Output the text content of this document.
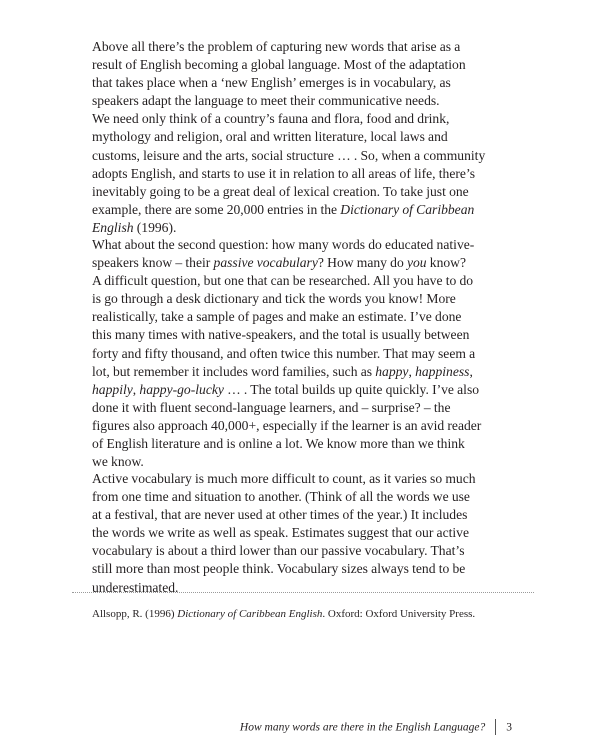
Above all there’s the problem of capturing new words that arise as a
result of English becoming a global language. Most of the adaptation
that takes place when a ‘new English’ emerges is in vocabulary, as
speakers adapt the language to meet their communicative needs.
We need only think of a country’s fauna and flora, food and drink,
mythology and religion, oral and written literature, local laws and
customs, leisure and the arts, social structure … . So, when a community
adopts English, and starts to use it in relation to all areas of life, there’s
inevitably going to be a great deal of lexical creation. To take just one
example, there are some 20,000 entries in the Dictionary of Caribbean
English (1996).

What about the second question: how many words do educated native-
speakers know – their passive vocabulary? How many do you know?
A difficult question, but one that can be researched. All you have to do
is go through a desk dictionary and tick the words you know! More
realistically, take a sample of pages and make an estimate. I’ve done
this many times with native-speakers, and the total is usually between
forty and fifty thousand, and often twice this number. That may seem a
lot, but remember it includes word families, such as happy, happiness,
happily, happy-go-lucky … . The total builds up quite quickly. I’ve also
done it with fluent second-language learners, and – surprise? – the
figures also approach 40,000+, especially if the learner is an avid reader
of English literature and is online a lot. We know more than we think
we know.

Active vocabulary is much more difficult to count, as it varies so much
from one time and situation to another. (Think of all the words we use
at a festival, that are never used at other times of the year.) It includes
the words we write as well as speak. Estimates suggest that our active
vocabulary is about a third lower than our passive vocabulary. That’s
still more than most people think. Vocabulary sizes always tend to be
underestimated.

Allsopp, R. (1996) Dictionary of Caribbean English. Oxford: Oxford University Press.
How many words are there in the English Language? 3
